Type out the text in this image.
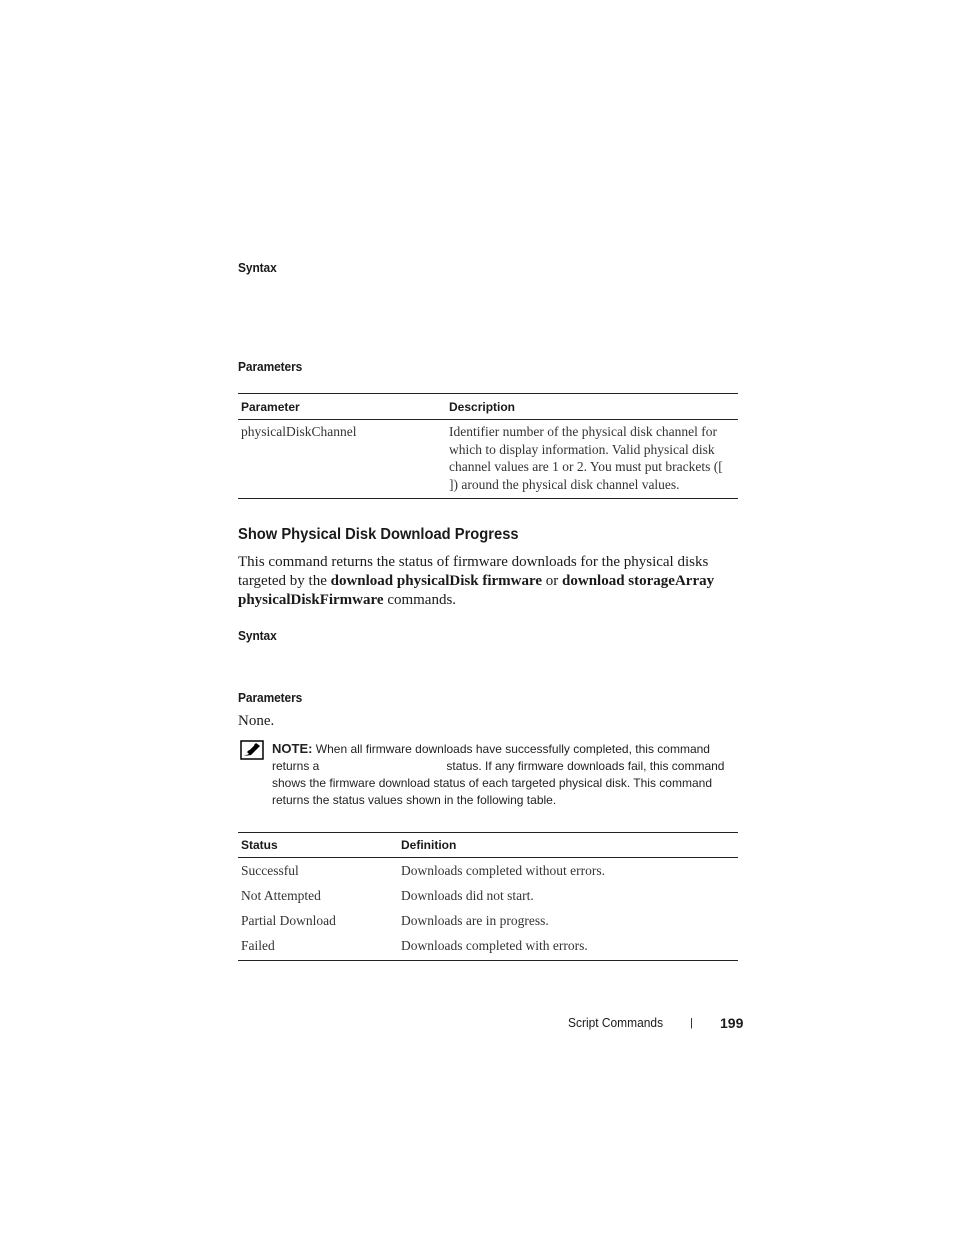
Syntax
Parameters
Parameter	Description
physicalDiskChannel	Identifier number of the physical disk channel for which to display information. Valid physical disk channel values are 1 or 2. You must put brackets ([ ]) around the physical disk channel values.
Show Physical Disk Download Progress
This command returns the status of firmware downloads for the physical disks targeted by the download physicalDisk firmware or download storageArray physicalDiskFirmware commands.
Syntax
Parameters
None.
NOTE: When all firmware downloads have successfully completed, this command returns a	status. If any firmware downloads fail, this command shows the firmware download status of each targeted physical disk. This command returns the status values shown in the following table.
Status	Definition
Successful	Downloads completed without errors.
Not Attempted	Downloads did not start.
Partial Download	Downloads are in progress.
Failed	Downloads completed with errors.
Script Commands | 199
